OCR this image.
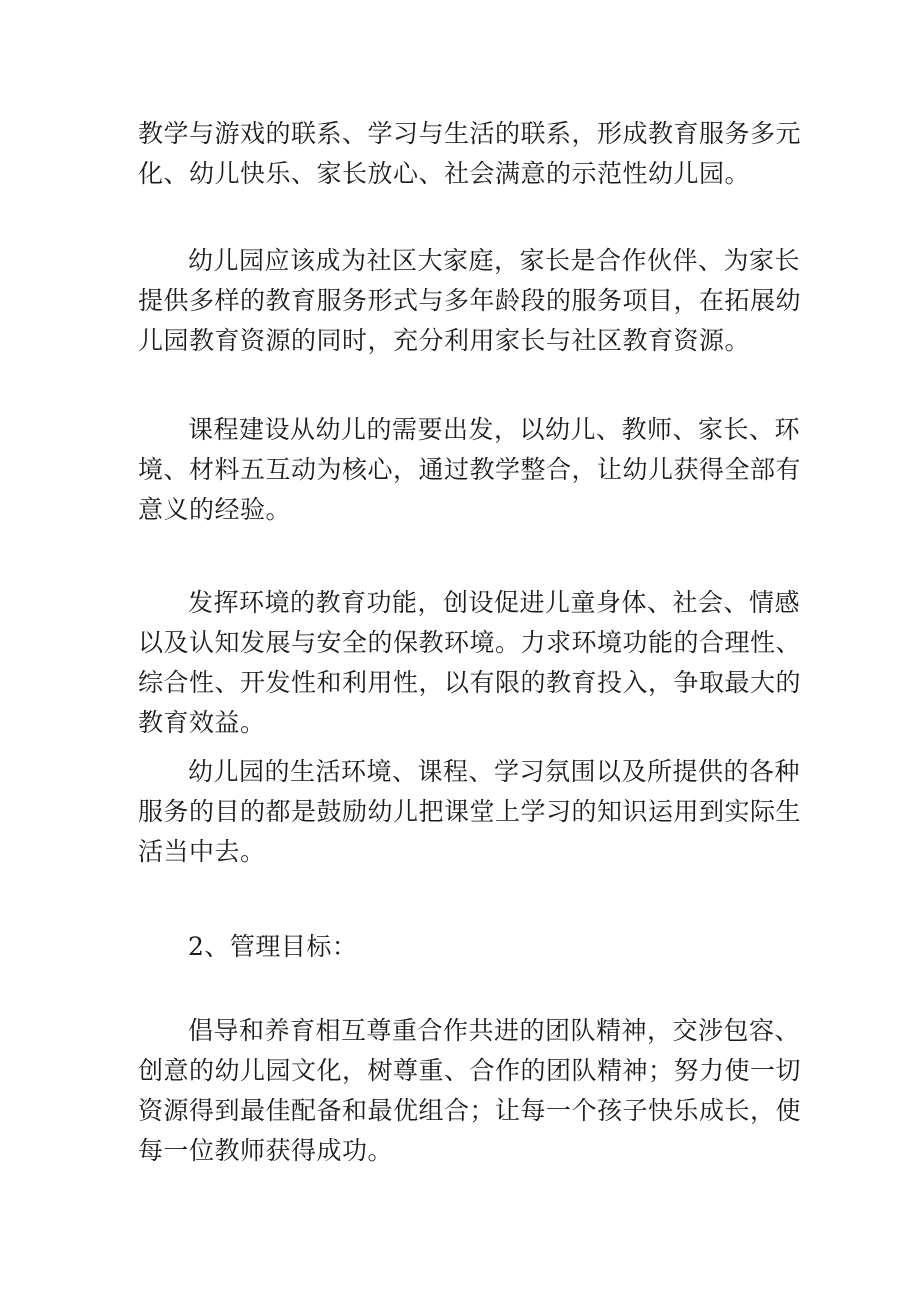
教学与游戏的联系、学习与生活的联系，形成教育服务多元化、幼儿快乐、家长放心、社会满意的示范性幼儿园。

幼儿园应该成为社区大家庭，家长是合作伙伴、为家长提供多样的教育服务形式与多年龄段的服务项目，在拓展幼儿园教育资源的同时，充分利用家长与社区教育资源。

课程建设从幼儿的需要出发，以幼儿、教师、家长、环境、材料五互动为核心，通过教学整合，让幼儿获得全部有意义的经验。

发挥环境的教育功能，创设促进儿童身体、社会、情感以及认知发展与安全的保教环境。力求环境功能的合理性、综合性、开发性和利用性，以有限的教育投入，争取最大的教育效益。

幼儿园的生活环境、课程、学习氛围以及所提供的各种服务的目的都是鼓励幼儿把课堂上学习的知识运用到实际生活当中去。

2、管理目标：

倡导和养育相互尊重合作共进的团队精神，交涉包容、创意的幼儿园文化，树尊重、合作的团队精神；努力使一切资源得到最佳配备和最优组合；让每一个孩子快乐成长，使每一位教师获得成功。
